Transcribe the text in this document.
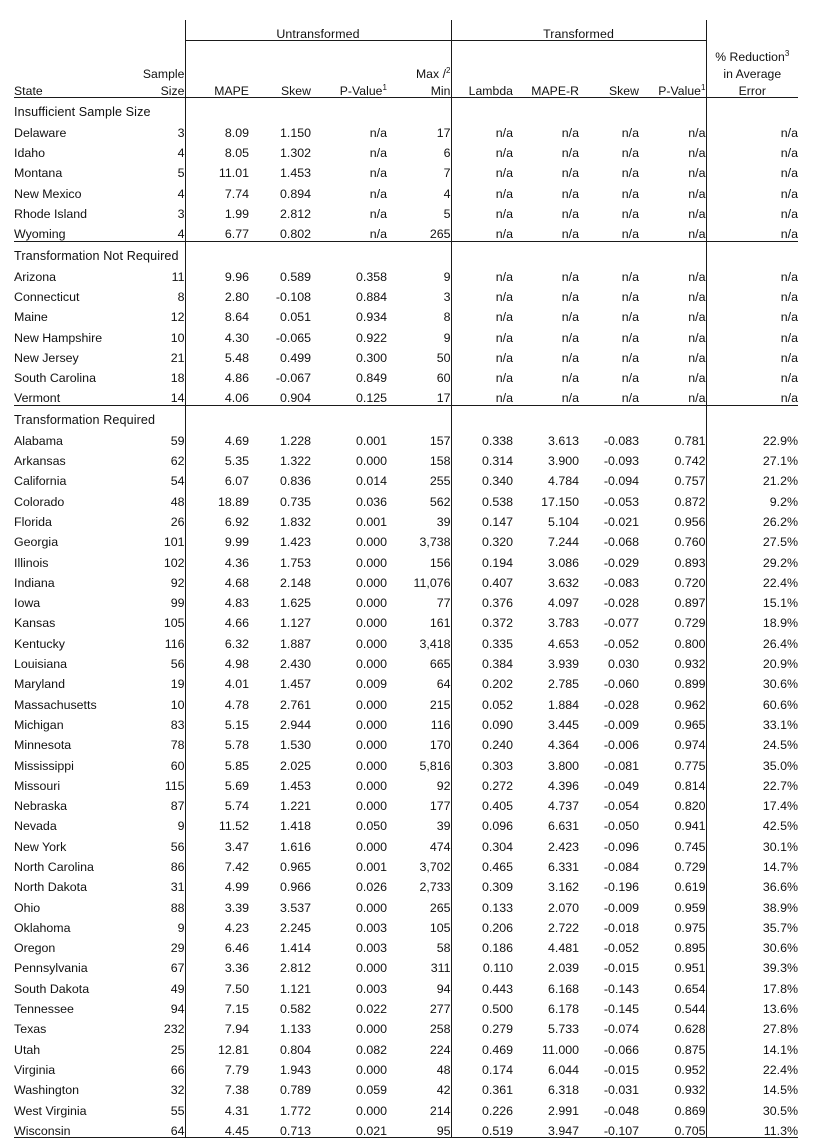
		Untransformed				Transformed				
										% Reduction$^3$
	Sample				Max /$^2$					in Average
State	Size	MAPE	Skew	P-Value$^1$	Min	Lambda	MAPE-R	Skew	P-Value$^1$	Error
Insufficient Sample Size										
Delaware	3	8.09	1.150	n/a	17	n/a	n/a	n/a	n/a	n/a
Idaho	4	8.05	1.302	n/a	6	n/a	n/a	n/a	n/a	n/a
Montana	5	11.01	1.453	n/a	7	n/a	n/a	n/a	n/a	n/a
New Mexico	4	7.74	0.894	n/a	4	n/a	n/a	n/a	n/a	n/a
Rhode Island	3	1.99	2.812	n/a	5	n/a	n/a	n/a	n/a	n/a
Wyoming	4	6.77	0.802	n/a	265	n/a	n/a	n/a	n/a	n/a
Transformation Not Required										
Arizona	11	9.96	0.589	0.358	9	n/a	n/a	n/a	n/a	n/a
Connecticut	8	2.80	-0.108	0.884	3	n/a	n/a	n/a	n/a	n/a
Maine	12	8.64	0.051	0.934	8	n/a	n/a	n/a	n/a	n/a
New Hampshire	10	4.30	-0.065	0.922	9	n/a	n/a	n/a	n/a	n/a
New Jersey	21	5.48	0.499	0.300	50	n/a	n/a	n/a	n/a	n/a
South Carolina	18	4.86	-0.067	0.849	60	n/a	n/a	n/a	n/a	n/a
Vermont	14	4.06	0.904	0.125	17	n/a	n/a	n/a	n/a	n/a
Transformation Required										
Alabama	59	4.69	1.228	0.001	157	0.338	3.613	-0.083	0.781	22.9%
Arkansas	62	5.35	1.322	0.000	158	0.314	3.900	-0.093	0.742	27.1%
California	54	6.07	0.836	0.014	255	0.340	4.784	-0.094	0.757	21.2%
Colorado	48	18.89	0.735	0.036	562	0.538	17.150	-0.053	0.872	9.2%
Florida	26	6.92	1.832	0.001	39	0.147	5.104	-0.021	0.956	26.2%
Georgia	101	9.99	1.423	0.000	3,738	0.320	7.244	-0.068	0.760	27.5%
Illinois	102	4.36	1.753	0.000	156	0.194	3.086	-0.029	0.893	29.2%
Indiana	92	4.68	2.148	0.000	11,076	0.407	3.632	-0.083	0.720	22.4%
Iowa	99	4.83	1.625	0.000	77	0.376	4.097	-0.028	0.897	15.1%
Kansas	105	4.66	1.127	0.000	161	0.372	3.783	-0.077	0.729	18.9%
Kentucky	116	6.32	1.887	0.000	3,418	0.335	4.653	-0.052	0.800	26.4%
Louisiana	56	4.98	2.430	0.000	665	0.384	3.939	0.030	0.932	20.9%
Maryland	19	4.01	1.457	0.009	64	0.202	2.785	-0.060	0.899	30.6%
Massachusetts	10	4.78	2.761	0.000	215	0.052	1.884	-0.028	0.962	60.6%
Michigan	83	5.15	2.944	0.000	116	0.090	3.445	-0.009	0.965	33.1%
Minnesota	78	5.78	1.530	0.000	170	0.240	4.364	-0.006	0.974	24.5%
Mississippi	60	5.85	2.025	0.000	5,816	0.303	3.800	-0.081	0.775	35.0%
Missouri	115	5.69	1.453	0.000	92	0.272	4.396	-0.049	0.814	22.7%
Nebraska	87	5.74	1.221	0.000	177	0.405	4.737	-0.054	0.820	17.4%
Nevada	9	11.52	1.418	0.050	39	0.096	6.631	-0.050	0.941	42.5%
New York	56	3.47	1.616	0.000	474	0.304	2.423	-0.096	0.745	30.1%
North Carolina	86	7.42	0.965	0.001	3,702	0.465	6.331	-0.084	0.729	14.7%
North Dakota	31	4.99	0.966	0.026	2,733	0.309	3.162	-0.196	0.619	36.6%
Ohio	88	3.39	3.537	0.000	265	0.133	2.070	-0.009	0.959	38.9%
Oklahoma	9	4.23	2.245	0.003	105	0.206	2.722	-0.018	0.975	35.7%
Oregon	29	6.46	1.414	0.003	58	0.186	4.481	-0.052	0.895	30.6%
Pennsylvania	67	3.36	2.812	0.000	311	0.110	2.039	-0.015	0.951	39.3%
South Dakota	49	7.50	1.121	0.003	94	0.443	6.168	-0.143	0.654	17.8%
Tennessee	94	7.15	0.582	0.022	277	0.500	6.178	-0.145	0.544	13.6%
Texas	232	7.94	1.133	0.000	258	0.279	5.733	-0.074	0.628	27.8%
Utah	25	12.81	0.804	0.082	224	0.469	11.000	-0.066	0.875	14.1%
Virginia	66	7.79	1.943	0.000	48	0.174	6.044	-0.015	0.952	22.4%
Washington	32	7.38	0.789	0.059	42	0.361	6.318	-0.031	0.932	14.5%
West Virginia	55	4.31	1.772	0.000	214	0.226	2.991	-0.048	0.869	30.5%
Wisconsin	64	4.45	0.713	0.021	95	0.519	3.947	-0.107	0.705	11.3%
